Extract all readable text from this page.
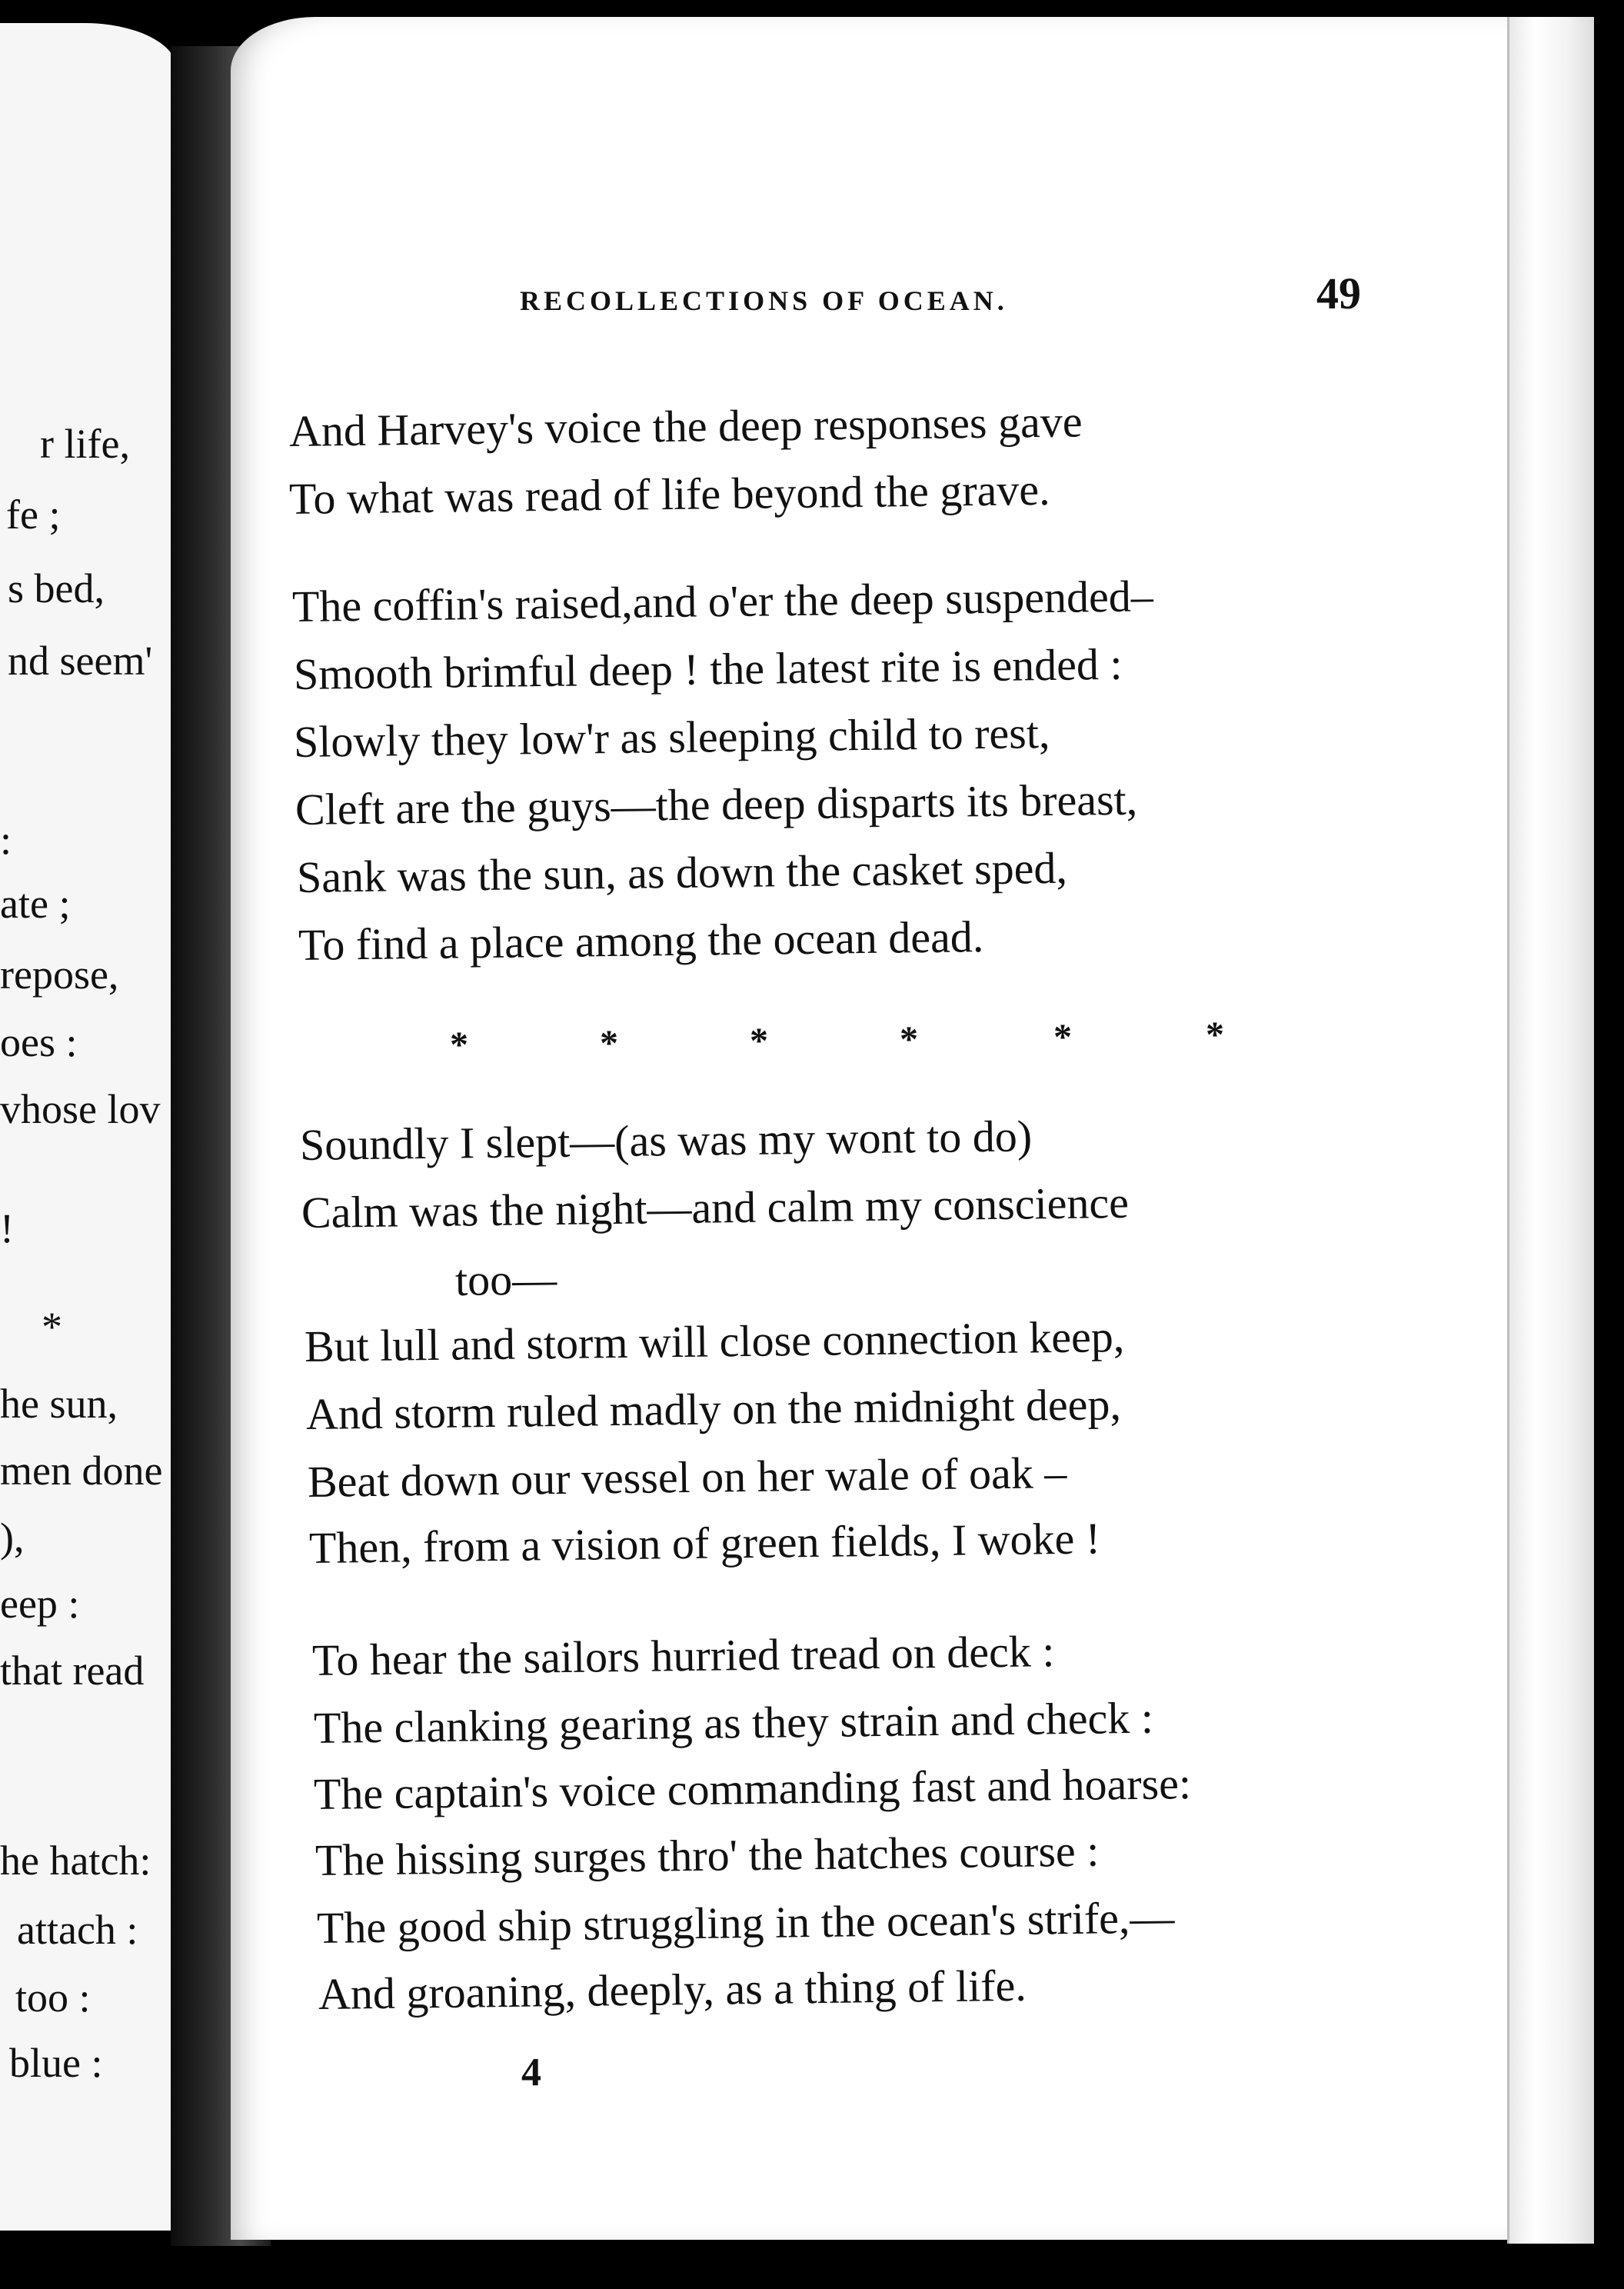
r life,
fe ;
s bed,
nd seem'
:
ate ;
repose,
oes :
vhose lov
!
*
he sun,
men done
),
eep :
that read
he hatch:
attach :
too :
blue :
RECOLLECTIONS OF OCEAN.	49
And Harvey's voice the deep responses gave
To what was read of life beyond the grave.
The coffin's raised,and o'er the deep suspended–
Smooth brimful deep ! the latest rite is ended :
Slowly they low'r as sleeping child to rest,
Cleft are the guys—the deep disparts its breast,
Sank was the sun, as down the casket sped,
To find a place among the ocean dead.
*	*	*	*	*	*
Soundly I slept—(as was my wont to do)
Calm was the night—and calm my conscience
too—
But lull and storm will close connection keep,
And storm ruled madly on the midnight deep,
Beat down our vessel on her wale of oak –
Then, from a vision of green fields, I woke !
To hear the sailors hurried tread on deck :
The clanking gearing as they strain and check :
The captain's voice commanding fast and hoarse:
The hissing surges thro' the hatches course :
The good ship struggling in the ocean's strife,—
And groaning, deeply, as a thing of life.
4
